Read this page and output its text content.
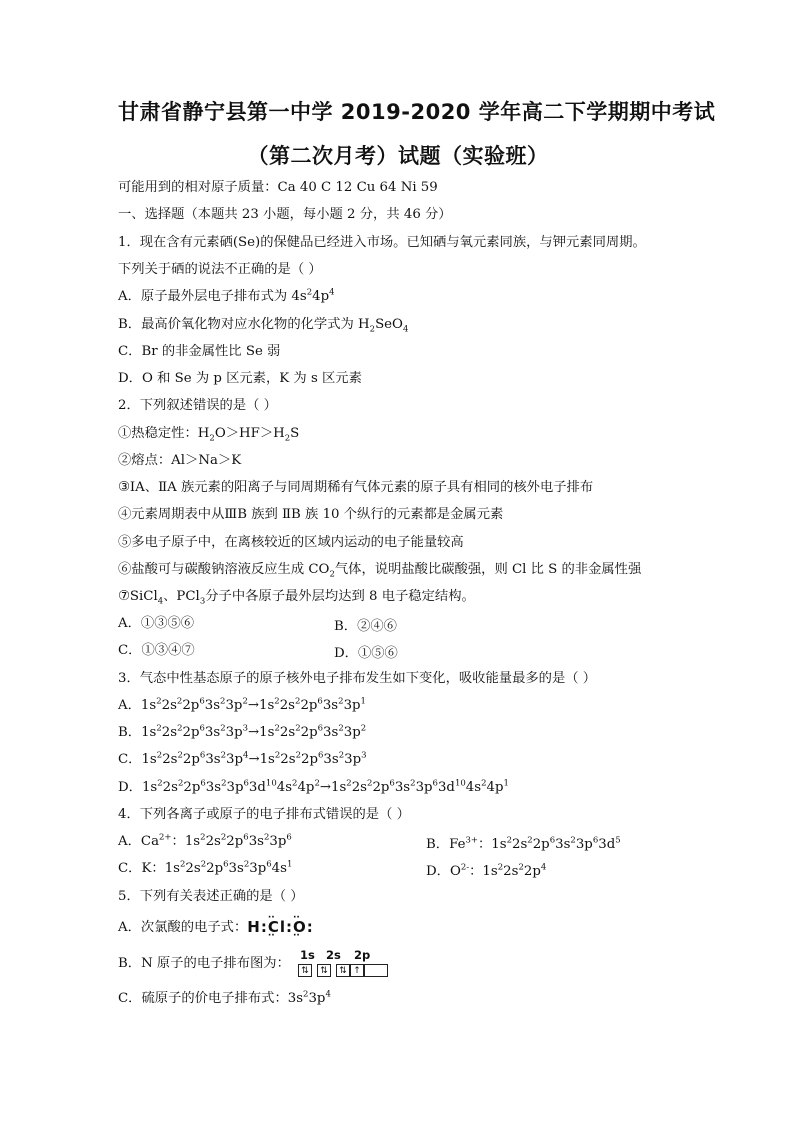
甘肃省静宁县第一中学 2019-2020 学年高二下学期期中考试
（第二次月考）试题（实验班）
可能用到的相对原子质量：Ca 40 C 12 Cu 64 Ni 59
一、选择题（本题共 23 小题，每小题 2 分，共 46 分）
1．现在含有元素硒(Se)的保健品已经进入市场。已知硒与氧元素同族，与钾元素同周期。
下列关于硒的说法不正确的是（ ）
A．原子最外层电子排布式为 $4s^24p^4$
B．最高价氧化物对应水化物的化学式为 $H_2SeO_4$
C．Br 的非金属性比 Se 弱
D．O 和 Se 为 p 区元素，K 为 s 区元素
2．下列叙述错误的是（ ）
①热稳定性：$H_2O>HF>H_2S$
②熔点：Al＞Na＞K
③ⅠA、ⅡA 族元素的阳离子与同周期稀有气体元素的原子具有相同的核外电子排布
④元素周期表中从ⅢB 族到 ⅡB 族 10 个纵行的元素都是金属元素
⑤多电子原子中，在离核较近的区域内运动的电子能量较高
⑥盐酸可与碳酸钠溶液反应生成 $CO_2$气体，说明盐酸比碳酸强，则 Cl 比 S 的非金属性强
⑦SiCl$_4$、PCl$_3$分子中各原子最外层均达到 8 电子稳定结构。
A．①③⑤⑥	B．②④⑥
C．①③④⑦	D．①⑤⑥
3．气态中性基态原子的原子核外电子排布发生如下变化，吸收能量最多的是（ ）
A．$1s^22s^22p^63s^23p^2\to 1s^22s^22p^63s^23p^1$
B．$1s^22s^22p^63s^23p^3\to 1s^22s^22p^63s^23p^2$
C．$1s^22s^22p^63s^23p^4\to 1s^22s^22p^63s^23p^3$
D．$1s^22s^22p^63s^23p^63d^{10}4s^24p^2\to 1s^22s^22p^63s^23p^63d^{10}4s^24p^1$
4．下列各离子或原子的电子排布式错误的是（ ）
A．$Ca^{2+}$：$1s^22s^22p^63s^23p^6$	B．$Fe^{3+}$：$1s^22s^22p^63s^23p^63d^5$
C．K：$1s^22s^22p^63s^23p^64s^1$	D．$O^{2-}$：$1s^22s^22p^4$
5．下列有关表述正确的是（ ）
A．次氯酸的电子式：H:·· Cl ··:·· O ··:
B．N 原子的电子排布图为：
1s 2s 2p
⇅	⇅	⇅ ↑
C．硫原子的价电子排布式：$3s^23p^4$
